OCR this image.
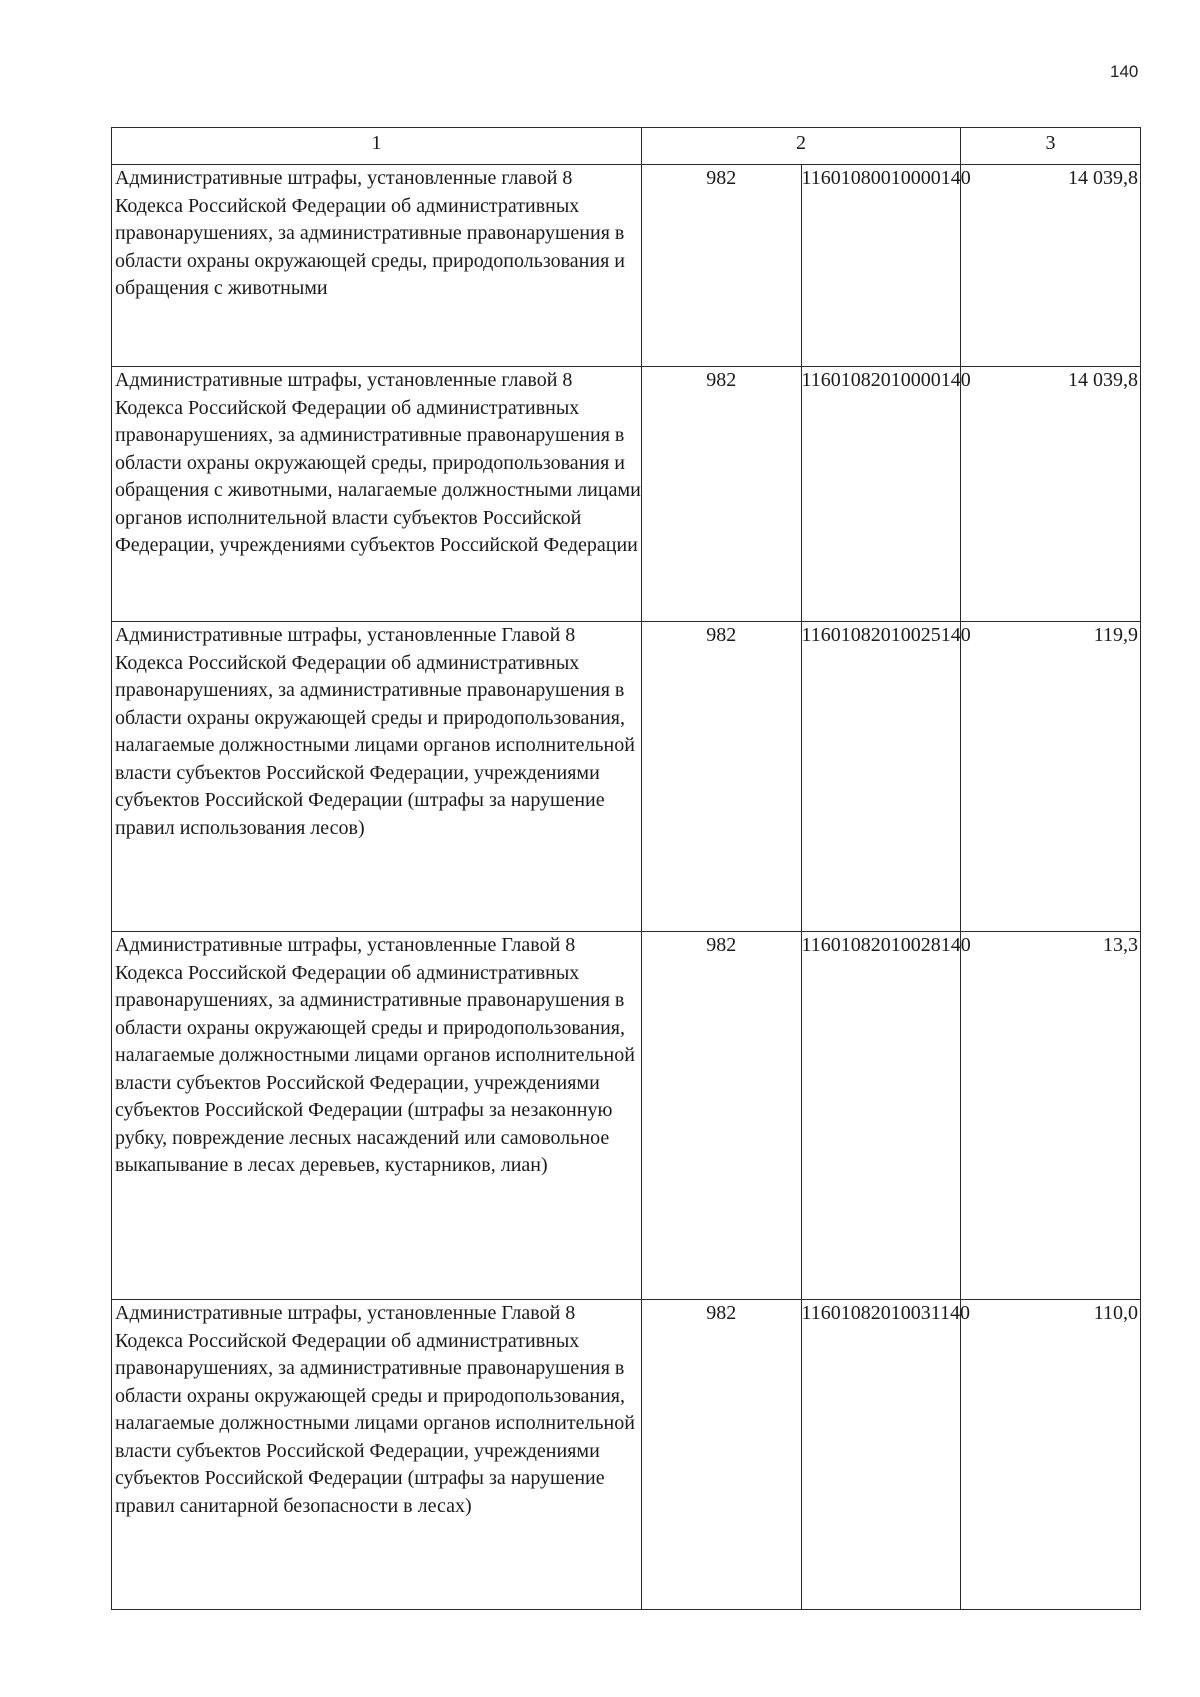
140
1	2		3
Административные штрафы, установленные главой 8 Кодекса Российской Федерации об административных правонарушениях, за административные правонарушения в области охраны окружающей среды, природопользования и обращения с животными	982	11601080010000140	14 039,8
Административные штрафы, установленные главой 8 Кодекса Российской Федерации об административных правонарушениях, за административные правонарушения в области охраны окружающей среды, природопользования и обращения с животными, налагаемые должностными лицами органов исполнительной власти субъектов Российской Федерации, учреждениями субъектов Российской Федерации	982	11601082010000140	14 039,8
Административные штрафы, установленные Главой 8 Кодекса Российской Федерации об административных правонарушениях, за административные правонарушения в области охраны окружающей среды и природопользования, налагаемые должностными лицами органов исполнительной власти субъектов Российской Федерации, учреждениями субъектов Российской Федерации (штрафы за нарушение правил использования лесов)	982	11601082010025140	119,9
Административные штрафы, установленные Главой 8 Кодекса Российской Федерации об административных правонарушениях, за административные правонарушения в области охраны окружающей среды и природопользования, налагаемые должностными лицами органов исполнительной власти субъектов Российской Федерации, учреждениями субъектов Российской Федерации (штрафы за незаконную рубку, повреждение лесных насаждений или самовольное выкапывание в лесах деревьев, кустарников, лиан)	982	11601082010028140	13,3
Административные штрафы, установленные Главой 8 Кодекса Российской Федерации об административных правонарушениях, за административные правонарушения в области охраны окружающей среды и природопользования, налагаемые должностными лицами органов исполнительной власти субъектов Российской Федерации, учреждениями субъектов Российской Федерации (штрафы за нарушение правил санитарной безопасности в лесах)	982	11601082010031140	110,0
